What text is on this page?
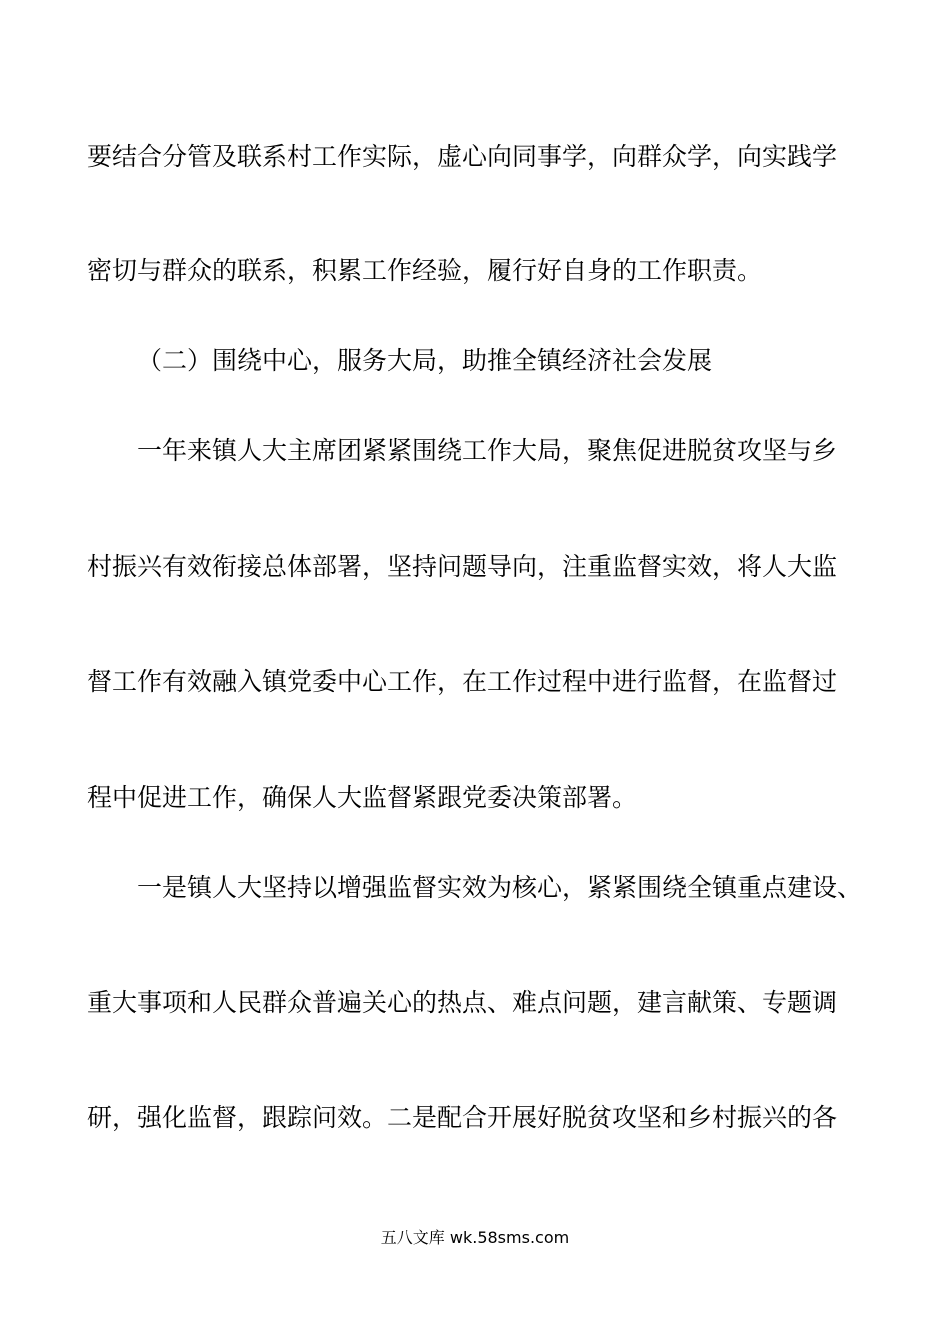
要结合分管及联系村工作实际，虚心向同事学，向群众学，向实践学
密切与群众的联系，积累工作经验，履行好自身的工作职责。
（二）围绕中心，服务大局，助推全镇经济社会发展
一年来镇人大主席团紧紧围绕工作大局，聚焦促进脱贫攻坚与乡
村振兴有效衔接总体部署，坚持问题导向，注重监督实效，将人大监
督工作有效融入镇党委中心工作，在工作过程中进行监督，在监督过
程中促进工作，确保人大监督紧跟党委决策部署。
一是镇人大坚持以增强监督实效为核心，紧紧围绕全镇重点建设、
重大事项和人民群众普遍关心的热点、难点问题，建言献策、专题调
研，强化监督，跟踪问效。二是配合开展好脱贫攻坚和乡村振兴的各
五八文库 wk.58sms.com
